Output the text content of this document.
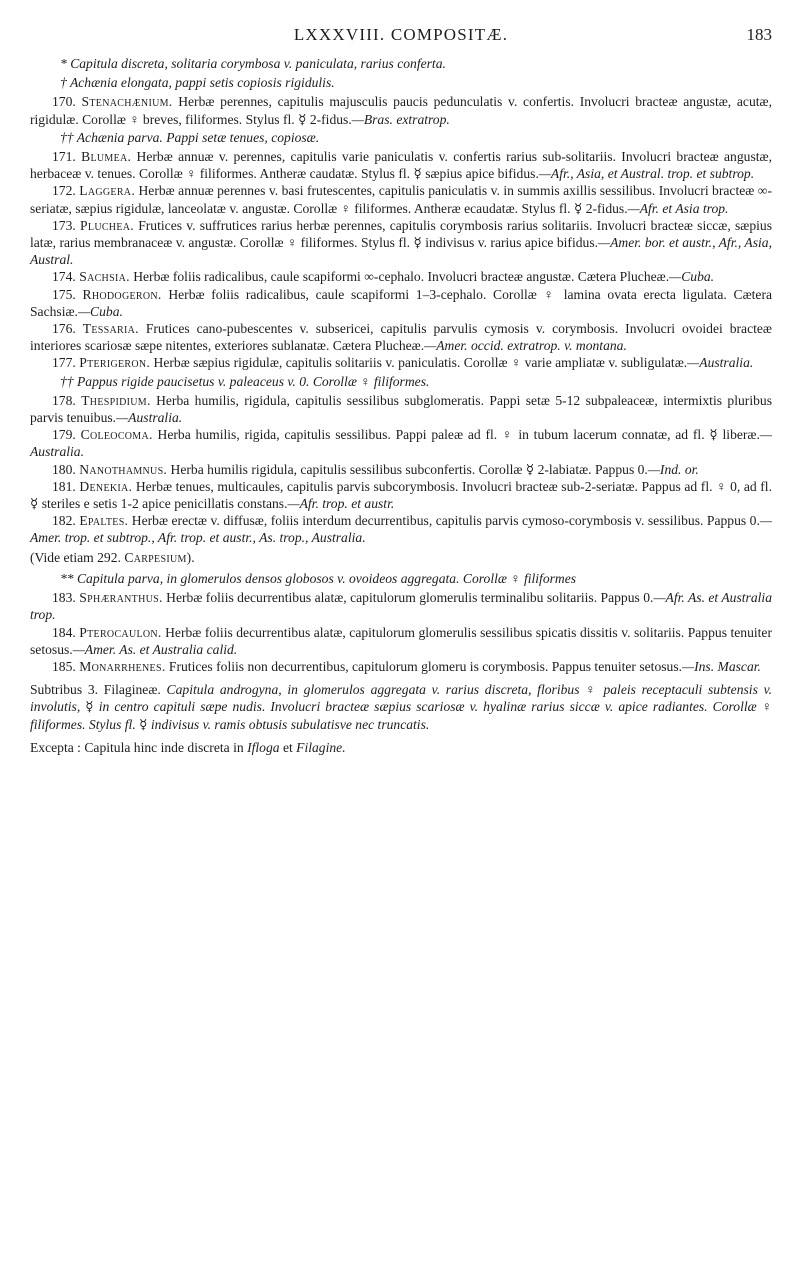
LXXXVIII. COMPOSITÆ.	183

* Capitula discreta, solitaria corymbosa v. paniculata, rarius conferta.

† Achænia elongata, pappi setis copiosis rigidulis.

170. Stenachænium. Herbæ perennes, capitulis majusculis paucis pedunculatis v. confertis. Involucri bracteæ angustæ, acutæ, rigidulæ. Corollæ ♀ breves, filiformes. Stylus fl. ☿ 2-fidus.—Bras. extratrop.

†† Achænia parva. Pappi setæ tenues, copiosæ.

171. Blumea. Herbæ annuæ v. perennes, capitulis varie paniculatis v. confertis rarius sub-solitariis. Involucri bracteæ angustæ, herbaceæ v. tenues. Corollæ ♀ filiformes. Antheræ caudatæ. Stylus fl. ☿ sæpius apice bifidus.—Afr., Asia, et Austral. trop. et subtrop.

172. Laggera. Herbæ annuæ perennes v. basi frutescentes, capitulis paniculatis v. in summis axillis sessilibus. Involucri bracteæ ∞-seriatæ, sæpius rigidulæ, lanceolatæ v. angustæ. Corollæ ♀ filiformes. Antheræ ecaudatæ. Stylus fl. ☿ 2-fidus.—Afr. et Asia trop.

173. Pluchea. Frutices v. suffrutices rarius herbæ perennes, capitulis corymbosis rarius solitariis. Involucri bracteæ siccæ, sæpius latæ, rarius membranaceæ v. angustæ. Corollæ ♀ filiformes. Stylus fl. ☿ indivisus v. rarius apice bifidus.—Amer. bor. et austr., Afr., Asia, Austral.

174. Sachsia. Herbæ foliis radicalibus, caule scapiformi ∞-cephalo. Involucri bracteæ angustæ. Cætera Plucheæ.—Cuba.

175. Rhodogeron. Herbæ foliis radicalibus, caule scapiformi 1–3-cephalo. Corollæ ♀ lamina ovata erecta ligulata. Cætera Sachsiæ.—Cuba.

176. Tessaria. Frutices cano-pubescentes v. subsericei, capitulis parvulis cymosis v. corymbosis. Involucri ovoidei bracteæ interiores scariosæ sæpe nitentes, exteriores sublanatæ. Cætera Plucheæ.—Amer. occid. extratrop. v. montana.

177. Pterigeron. Herbæ sæpius rigidulæ, capitulis solitariis v. paniculatis. Corollæ ♀ varie ampliatæ v. subligulatæ.—Australia.

†† Pappus rigide paucisetus v. paleaceus v. 0. Corollæ ♀ filiformes.

178. Thespidium. Herba humilis, rigidula, capitulis sessilibus subglomeratis. Pappi setæ 5-12 subpaleaceæ, intermixtis pluribus parvis tenuibus.—Australia.

179. Coleocoma. Herba humilis, rigida, capitulis sessilibus. Pappi paleæ ad fl. ♀ in tubum lacerum connatæ, ad fl. ☿ liberæ.—Australia.

180. Nanothamnus. Herba humilis rigidula, capitulis sessilibus subconfertis. Corollæ ☿ 2-labiatæ. Pappus 0.—Ind. or.

181. Denekia. Herbæ tenues, multicaules, capitulis parvis subcorymbosis. Involucri bracteæ sub-2-seriatæ. Pappus ad fl. ♀ 0, ad fl. ☿ steriles e setis 1-2 apice penicillatis constans.—Afr. trop. et austr.

182. Epaltes. Herbæ erectæ v. diffusæ, foliis interdum decurrentibus, capitulis parvis cymoso-corymbosis v. sessilibus. Pappus 0.—Amer. trop. et subtrop., Afr. trop. et austr., As. trop., Australia.

(Vide etiam 292. Carpesium).

** Capitula parva, in glomerulos densos globosos v. ovoideos aggregata. Corollæ ♀ filiformes

183. Sphæranthus. Herbæ foliis decurrentibus alatæ, capitulorum glomerulis terminalibu solitariis. Pappus 0.—Afr. As. et Australia trop.

184. Pterocaulon. Herbæ foliis decurrentibus alatæ, capitulorum glomerulis sessilibus spicatis dissitis v. solitariis. Pappus tenuiter setosus.—Amer. As. et Australia calid.

185. Monarrhenes. Frutices foliis non decurrentibus, capitulorum glomeru is corymbosis. Pappus tenuiter setosus.—Ins. Mascar.

Subtribus 3. Filagineæ. Capitula androgyna, in glomerulos aggregata v. rarius discreta, floribus ♀ paleis receptaculi subtensis v. involutis, ☿ in centro capituli sæpe nudis. Involucri bracteæ sæpius scariosæ v. hyalinæ rarius siccæ v. apice radiantes. Corollæ ♀ filiformes. Stylus fl. ☿ indivisus v. ramis obtusis subulatisve nec truncatis.

Excepta : Capitula hinc inde discreta in Ifloga et Filagine.
